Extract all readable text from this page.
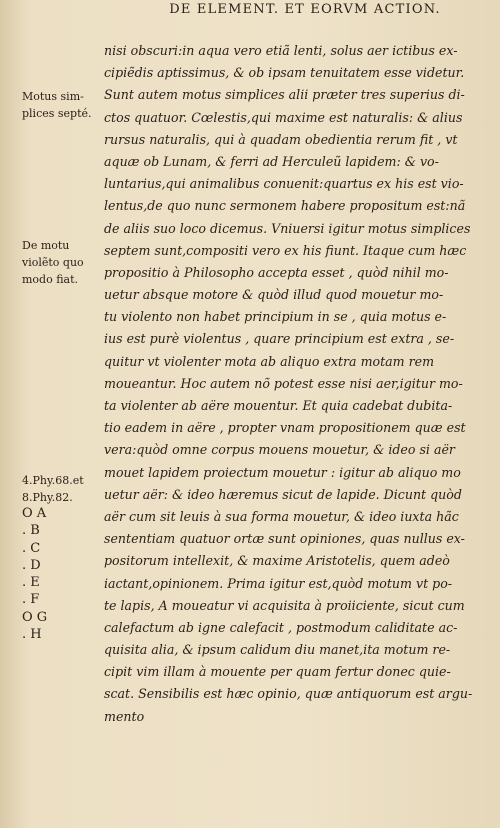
DE ELEMENT. ET EORVM ACTION.
Motus sim-
plices septé.
De motu
violẽto quo
modo fiat.
4.Phy.68.et
8.Phy.82.
O A
. B
. C
. D
. E
. F
O G
. H
nisi obscuri:in aqua vero etiã lenti, solus aer ictibus ex-
cipiẽdis aptissimus, & ob ipsam tenuitatem esse videtur.
Sunt autem motus simplices alii præter tres superius di-
ctos quatuor. Cœlestis,qui maxime est naturalis: & alius
rursus naturalis, qui à quadam obedientia rerum fit , vt
aquæ ob Lunam, & ferri ad Herculeũ lapidem: & vo-
luntarius,qui animalibus conuenit:quartus ex his est vio-
lentus,de quo nunc sermonem habere propositum est:nã
de aliis suo loco dicemus. Vniuersi igitur motus simplices
septem sunt,compositi vero ex his fiunt. Itaque cum hæc
propositio à Philosopho accepta esset , quòd nihil mo-
uetur absque motore & quòd illud quod mouetur mo-
tu violento non habet principium in se , quia motus e-
ius est purè violentus , quare principium est extra , se-
quitur vt violenter mota ab aliquo extra motam rem
moueantur. Hoc autem nõ potest esse nisi aer,igitur mo-
ta violenter ab aëre mouentur. Et quia cadebat dubita-
tio eadem in aëre , propter vnam propositionem quæ est
vera:quòd omne corpus mouens mouetur, & ideo si aër
mouet lapidem proiectum mouetur : igitur ab aliquo mo
uetur aër: & ideo hæremus sicut de lapide. Dicunt quòd
aër cum sit leuis à sua forma mouetur, & ideo iuxta hãc
sententiam quatuor ortæ sunt opiniones, quas nullus ex-
positorum intellexit, & maxime Aristotelis, quem adeò
iactant,opinionem. Prima igitur est,quòd motum vt po-
te lapis, A moueatur vi acquisita à proiiciente, sicut cum
calefactum ab igne calefacit , postmodum caliditate ac-
quisita alia, & ipsum calidum diu manet,ita motum re-
cipit vim illam à mouente per quam fertur donec quie-
scat. Sensibilis est hæc opinio, quæ antiquorum est argu-
mento
